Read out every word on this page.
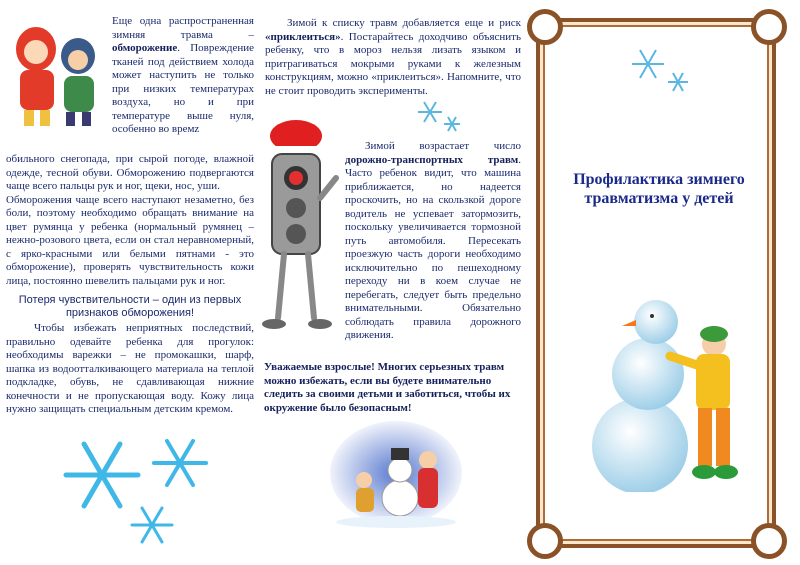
Еще одна распространенная зимняя травма – обморожение. Повреждение тканей под действием холода может наступить не только при низких температурах воздуха, но и при температуре выше нуля, особенно во времz

обильного снегопада, при сырой погоде, влажной одежде, тесной обуви. Обморожению подвергаются чаще всего пальцы рук и ног, щеки, нос, уши.
Обморожения чаще всего наступают незаметно, без боли, поэтому необходимо обращать внимание на цвет румянца у ребенка (нормальный румянец – нежно-розового цвета, если он стал неравномерный, с ярко-красными или белыми пятнами - это обморожение), проверять чувствительность кожи лица, постоянно шевелить пальцами рук и ног.

Потеря чувствительности – один из первых признаков обморожения!

Чтобы избежать неприятных последствий, правильно одевайте ребенка для прогулок: необходимы варежки – не промокашки, шарф, шапка из водоотталкивающего материала на теплой подкладке, обувь, не сдавливающая нижние конечности и не пропускающая воду. Кожу лица нужно защищать специальным детским кремом.

Зимой к списку травм добавляется еще и риск «приклеиться». Постарайтесь доходчиво объяснить ребенку, что в мороз нельзя лизать языком и притрагиваться мокрыми руками к железным конструкциям, можно «приклеиться». Напомните, что не стоит проводить эксперименты.

Зимой возрастает число дорожно-транспортных травм. Часто ребенок видит, что машина приближается, но надеется проскочить, но на скользкой дороге водитель не успевает затормозить, поскольку увеличивается тормозной путь автомобиля. Пересекать проезжую часть дороги необходимо исключительно по пешеходному переходу ни в коем случае не перебегать, следует быть предельно внимательными. Обязательно соблюдать правила дорожного движения.

Уважаемые взрослые! Многих серьезных травм можно избежать, если вы будете внимательно следить за своими детьми и заботиться, чтобы их окружение было безопасным!

Профилактика зимнего травматизма у детей
